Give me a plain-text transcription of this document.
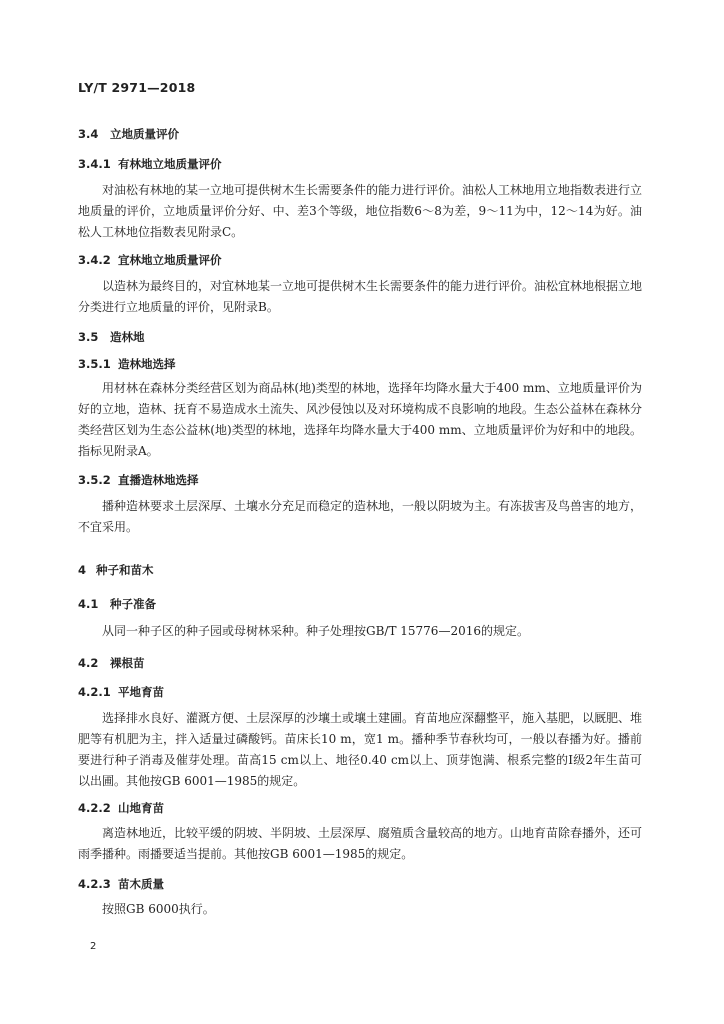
LY/T 2971—2018
3.4 立地质量评价
3.4.1 有林地立地质量评价

对油松有林地的某一立地可提供树木生长需要条件的能力进行评价。油松人工林地用立地指数表进行立地质量的评价，立地质量评价分好、中、差3个等级，地位指数6～8为差，9～11为中，12～14为好。油松人工林地位指数表见附录C。

3.4.2 宜林地立地质量评价

以造林为最终目的，对宜林地某一立地可提供树木生长需要条件的能力进行评价。油松宜林地根据立地分类进行立地质量的评价，见附录B。

3.5 造林地
3.5.1 造林地选择

用材林在森林分类经营区划为商品林(地)类型的林地，选择年均降水量大于400 mm、立地质量评价为好的立地，造林、抚育不易造成水土流失、风沙侵蚀以及对环境构成不良影响的地段。生态公益林在森林分类经营区划为生态公益林(地)类型的林地，选择年均降水量大于400 mm、立地质量评价为好和中的地段。指标见附录A。

3.5.2 直播造林地选择

播种造林要求土层深厚、土壤水分充足而稳定的造林地，一般以阴坡为主。有冻拔害及鸟兽害的地方，不宜采用。

4 种子和苗木
4.1 种子准备

从同一种子区的种子园或母树林采种。种子处理按GB/T 15776—2016的规定。

4.2 裸根苗
4.2.1 平地育苗

选择排水良好、灌溉方便、土层深厚的沙壤土或壤土建圃。育苗地应深翻整平，施入基肥，以厩肥、堆肥等有机肥为主，拌入适量过磷酸钙。苗床长10 m，宽1 m。播种季节春秋均可，一般以春播为好。播前要进行种子消毒及催芽处理。苗高15 cm以上、地径0.40 cm以上、顶芽饱满、根系完整的Ⅰ级2年生苗可以出圃。其他按GB 6001—1985的规定。

4.2.2 山地育苗

离造林地近，比较平缓的阴坡、半阴坡、土层深厚、腐殖质含量较高的地方。山地育苗除春播外，还可雨季播种。雨播要适当提前。其他按GB 6001—1985的规定。

4.2.3 苗木质量

按照GB 6000执行。

2
